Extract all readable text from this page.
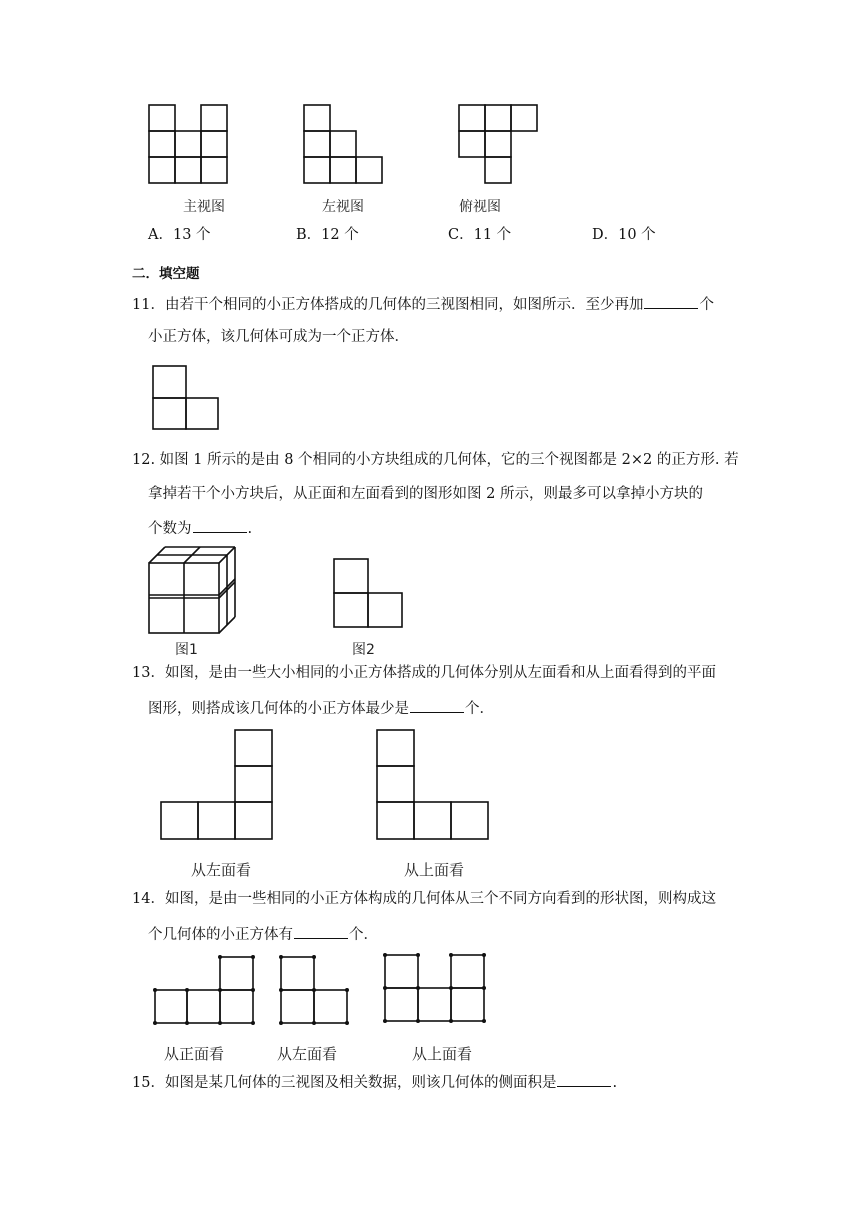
主视图	左视图	俯视图
A．13 个	B．12 个	C．11 个	D．10 个
二．填空题
11．由若干个相同的小正方体搭成的几何体的三视图相同，如图所示．至少再加	个
小正方体，该几何体可成为一个正方体．
12. 如图 1 所示的是由 8 个相同的小方块组成的几何体，它的三个视图都是 2×2 的正方形. 若
拿掉若干个小方块后，从正面和左面看到的图形如图 2 所示，则最多可以拿掉小方块的
个数为	.
图1	图2
13．如图，是由一些大小相同的小正方体搭成的几何体分别从左面看和从上面看得到的平面
图形，则搭成该几何体的小正方体最少是	个．
从左面看	从上面看
14．如图，是由一些相同的小正方体构成的几何体从三个不同方向看到的形状图，则构成这
个几何体的小正方体有	个．
从正面看	从左面看	从上面看
15．如图是某几何体的三视图及相关数据，则该几何体的侧面积是	.
